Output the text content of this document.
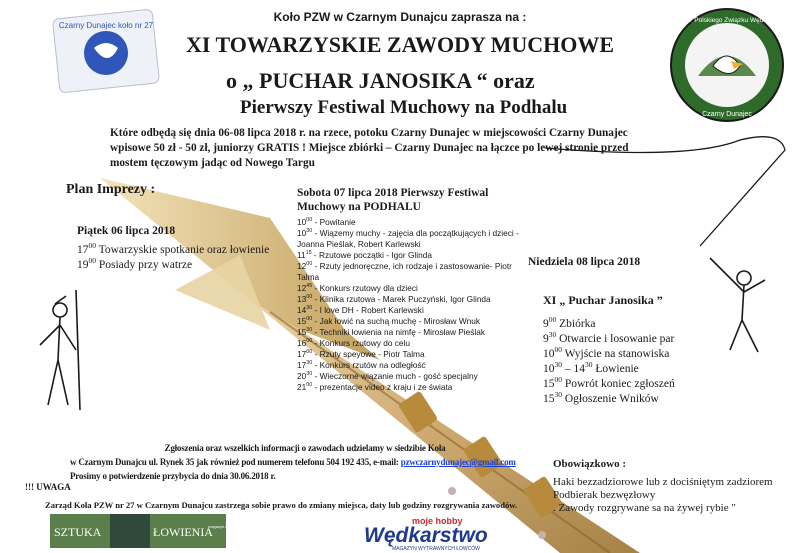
Czarny Dunajec koło nr 27
Koło nr 27 Polskiego Związku Wędkarskiego
Czarny Dunajec
Koło PZW w Czarnym Dunajcu zaprasza na :
XI TOWARZYSKIE ZAWODY MUCHOWE
o „ PUCHAR JANOSIKA “ oraz
Pierwszy Festiwal Muchowy na Podhalu
Które odbędą się dnia 06-08 lipca 2018 r. na rzece, potoku Czarny Dunajec w miejscowości Czarny Dunajec wpisowe 50 zł - 50 zł, juniorzy GRATIS ! Miejsce zbiórki – Czarny Dunajec na łączce po lewej stronie przed mostem tęczowym jadąc od Nowego Targu
Plan Imprezy :
Piątek 06 lipca 2018
$17^{00}$ Towarzyskie spotkanie oraz łowienie
$19^{00}$ Posiady przy watrze
Sobota 07 lipca 2018 Pierwszy Festiwal Muchowy na PODHALU
$10^{00}$ - Powitanie
$10^{30}$ - Wiązemy muchy - zajęcia dla początkujących i dzieci - Joanna Pieślak, Robert Karlewski
$11^{15}$ - Rzutowe początki - Igor Glinda
$12^{00}$ - Rzuty jednoręczne, ich rodzaje i zastosowanie- Piotr Talma
$12^{45}$ - Konkurs rzutowy dla dzieci
$13^{00}$ - Klinika rzutowa - Marek Puczyński, Igor Glinda
$14^{30}$ - I love DH - Robert Karlewski
$15^{00}$ - Jak łowić na suchą muchę - Mirosław Wnuk
$15^{30}$ - Techniki łowienia na nimfę - Mirosław Pieślak
$16^{00}$ - Konkurs rzutowy do celu
$17^{00}$ - Rzuty speyowe - Piotr Talma
$17^{30}$ - Konkurs rzutów na odległość
$20^{30}$ - Wieczorne wiązanie much - gość specjalny
$21^{00}$ - prezentacje video z kraju i ze świata
Niedziela 08 lipca 2018
XI „ Puchar Janosika ”
$9^{00}$ Zbiórka
$9^{30}$ Otwarcie i losowanie par
$10^{00}$ Wyjście na stanowiska
$10^{30} - 14^{30}$ Łowienie
$15^{00}$ Powrót koniec zgłoszeń
$15^{30}$ Ogłoszenie Wników
Zgłoszenia oraz wszelkich informacji o zawodach udzielamy w siedzibie Koła
w Czarnym Dunajcu ul. Rynek 35 jak również pod numerem telefonu 504 192 435, e-mail: pzwczarnydunajec@gmail.com
Prosimy o potwierdzenie przybycia do dnia 30.06.2018 r.
!!! UWAGA
Zarząd Koła PZW nr 27 w Czarnym Dunajcu zastrzega sobie prawo do zmiany miejsca, daty lub godziny rozgrywania zawodów.
Obowiązkowo :
Haki bezzadziorowe lub z dociśniętym zadziorem
Podbierak bezwęzłowy
. Zawody rozgrywane sa na żywej rybie "
SZTUKA	ŁOWIENIA
magazyn muchowy
moje hobby
Wędkarstwo
MAGAZYN WYTRAWNYCH ŁOWCÓW
